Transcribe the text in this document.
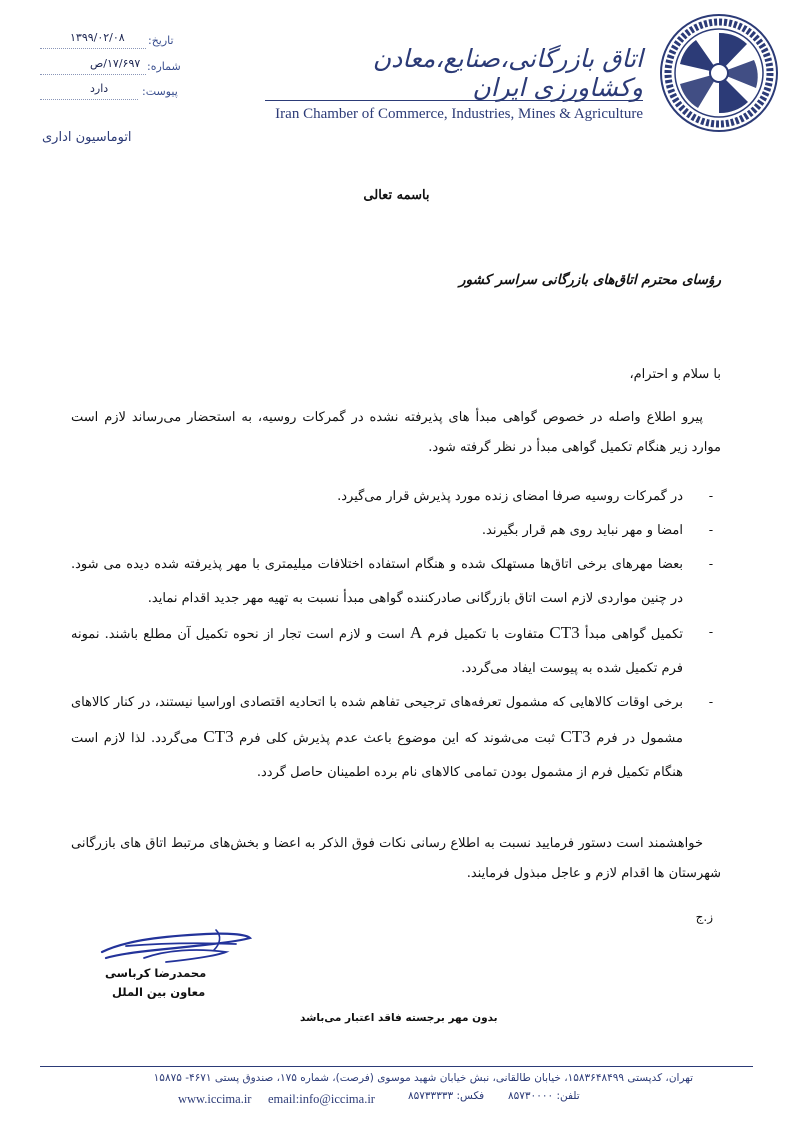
تاریخ:
۱۳۹۹/۰۲/۰۸
شماره:
۱۷/۶۹۷/ص
پیوست:
دارد
اتاق بازرگانی،صنایع،معادن وکشاورزی ایران
Iran Chamber of Commerce, Industries, Mines & Agriculture
اتوماسیون اداری
باسمه تعالی
رؤسای محترم اتاق‌های بازرگانی سراسر کشور
با سلام و احترام،
پیرو اطلاع واصله در خصوص گواهی مبدأ های پذیرفته نشده در گمرکات روسیه، به استحضار می‌رساند لازم است موارد زیر هنگام تکمیل گواهی مبدأ در نظر گرفته شود.
-
در گمرکات روسیه صرفا امضای زنده مورد پذیرش قرار می‌گیرد.
-
امضا و مهر نباید روی هم قرار بگیرند.
-
بعضا مهرهای برخی اتاق‌ها مستهلک شده و هنگام استفاده اختلافات میلیمتری با مهر پذیرفته شده دیده می شود. در چنین مواردی لازم است اتاق بازرگانی صادرکننده گواهی مبدأ نسبت به تهیه مهر جدید اقدام نماید.
-
تکمیل گواهی مبدأ CT3 متفاوت با تکمیل فرم A است و لازم است تجار از نحوه تکمیل آن مطلع باشند. نمونه فرم تکمیل شده به پیوست ایفاد می‌گردد.
-
برخی اوقات کالاهایی که مشمول تعرفه‌های ترجیحی تفاهم شده با اتحادیه اقتصادی اوراسیا نیستند، در کنار کالاهای مشمول در فرم CT3 ثبت می‌شوند که این موضوع باعث عدم پذیرش کلی فرم CT3 می‌گردد. لذا لازم است هنگام تکمیل فرم از مشمول بودن تمامی کالاهای نام برده اطمینان حاصل گردد.
خواهشمند است دستور فرمایید نسبت به اطلاع رسانی نکات فوق الذکر به اعضا و بخش‌های مرتبط اتاق های بازرگانی شهرستان ها اقدام لازم و عاجل مبذول فرمایند.
ز.ج
محمدرضا کرباسی
معاون بین الملل
بدون مهر برجسته فاقد اعتبار می‌باشد
تهران، کدپستی ۱۵۸۳۶۴۸۴۹۹، خیابان طالقانی، نبش خیابان شهید موسوی (فرصت)، شماره ۱۷۵، صندوق پستی ۴۶۷۱- ۱۵۸۷۵
www.iccima.ir email:info@iccima.ir	فکس: ۸۵۷۳۳۳۳۳ تلفن: ۸۵۷۳۰۰۰۰
